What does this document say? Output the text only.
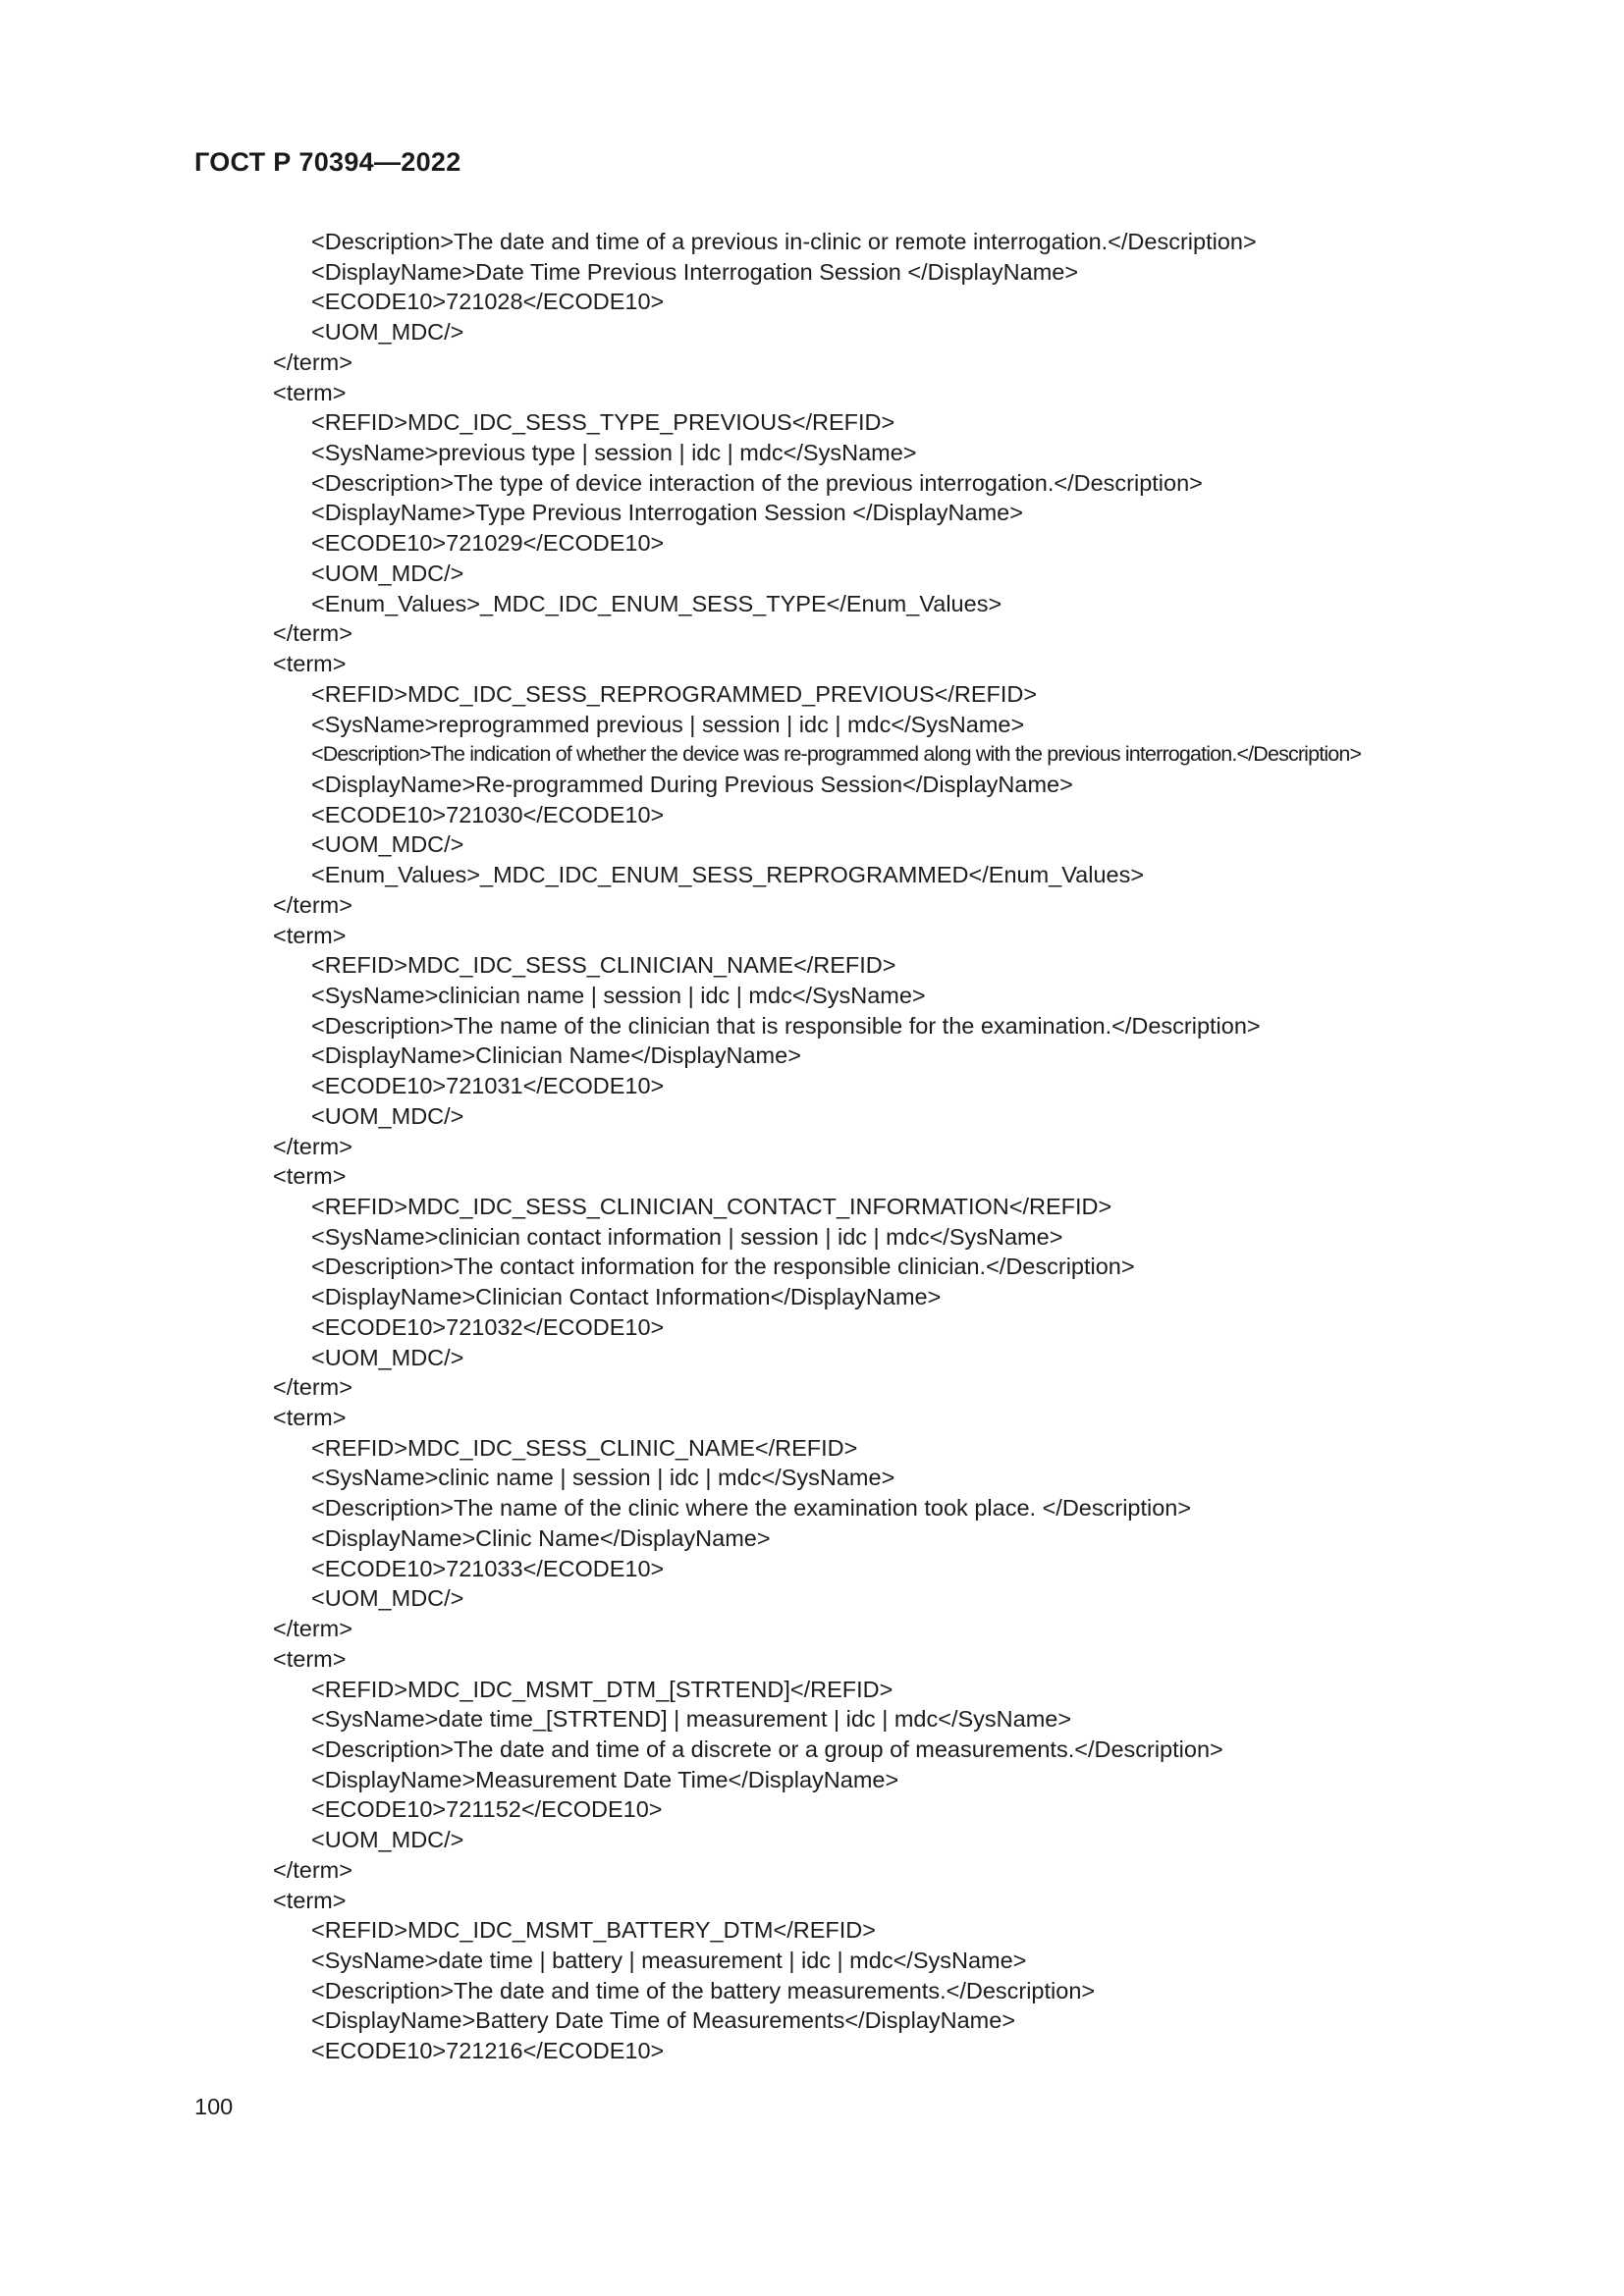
ГОСТ Р 70394—2022
<Description>The date and time of a previous in-clinic or remote interrogation.</Description>
<DisplayName>Date Time Previous Interrogation Session </DisplayName>
<ECODE10>721028</ECODE10>
<UOM_MDC/>
</term>
<term>
<REFID>MDC_IDC_SESS_TYPE_PREVIOUS</REFID>
<SysName>previous type | session | idc | mdc</SysName>
<Description>The type of device interaction of the previous interrogation.</Description>
<DisplayName>Type Previous Interrogation Session </DisplayName>
<ECODE10>721029</ECODE10>
<UOM_MDC/>
<Enum_Values>_MDC_IDC_ENUM_SESS_TYPE</Enum_Values>
</term>
<term>
<REFID>MDC_IDC_SESS_REPROGRAMMED_PREVIOUS</REFID>
<SysName>reprogrammed previous | session | idc | mdc</SysName>
<Description>The indication of whether the device was re-programmed along with the previous interrogation.</Description>
<DisplayName>Re-programmed During Previous Session</DisplayName>
<ECODE10>721030</ECODE10>
<UOM_MDC/>
<Enum_Values>_MDC_IDC_ENUM_SESS_REPROGRAMMED</Enum_Values>
</term>
<term>
<REFID>MDC_IDC_SESS_CLINICIAN_NAME</REFID>
<SysName>clinician name | session | idc | mdc</SysName>
<Description>The name of the clinician that is responsible for the examination.</Description>
<DisplayName>Clinician Name</DisplayName>
<ECODE10>721031</ECODE10>
<UOM_MDC/>
</term>
<term>
<REFID>MDC_IDC_SESS_CLINICIAN_CONTACT_INFORMATION</REFID>
<SysName>clinician contact information | session | idc | mdc</SysName>
<Description>The contact information for the responsible clinician.</Description>
<DisplayName>Clinician Contact Information</DisplayName>
<ECODE10>721032</ECODE10>
<UOM_MDC/>
</term>
<term>
<REFID>MDC_IDC_SESS_CLINIC_NAME</REFID>
<SysName>clinic name | session | idc | mdc</SysName>
<Description>The name of the clinic where the examination took place. </Description>
<DisplayName>Clinic Name</DisplayName>
<ECODE10>721033</ECODE10>
<UOM_MDC/>
</term>
<term>
<REFID>MDC_IDC_MSMT_DTM_[STRTEND]</REFID>
<SysName>date time_[STRTEND] | measurement | idc | mdc</SysName>
<Description>The date and time of a discrete or a group of measurements.</Description>
<DisplayName>Measurement Date Time</DisplayName>
<ECODE10>721152</ECODE10>
<UOM_MDC/>
</term>
<term>
<REFID>MDC_IDC_MSMT_BATTERY_DTM</REFID>
<SysName>date time | battery | measurement | idc | mdc</SysName>
<Description>The date and time of the battery measurements.</Description>
<DisplayName>Battery Date Time of Measurements</DisplayName>
<ECODE10>721216</ECODE10>
100
